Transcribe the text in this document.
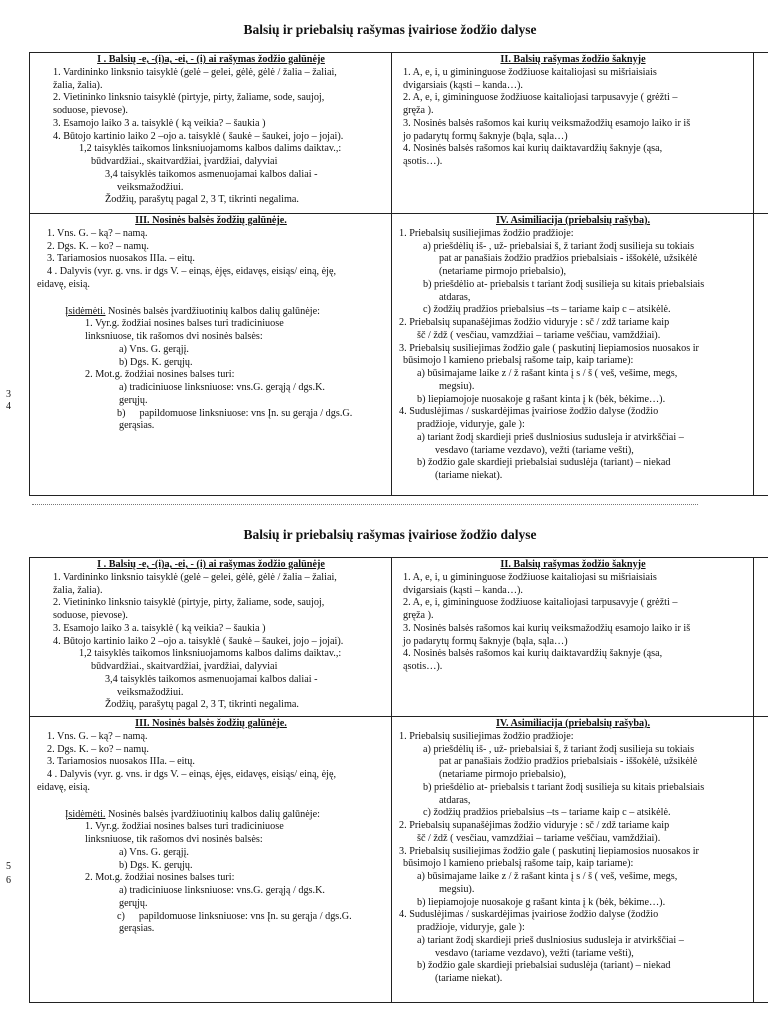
Balsių ir priebalsių rašymas įvairiose žodžio dalyse

I . Balsių -e, -(i)a, -ei, - (i) ai rašymas žodžio galūnėje

1. Vardininko linksnio taisyklė (gelė – gelei, gėlė, gėlė / žalia – žaliai,

žalia, žalia).

2. Vietininko linksnio taisyklė (pirtyje, pirty, žaliame, sode, saujoj,

soduose, pievose).

3. Esamojo laiko 3 a. taisyklė ( ką veikia? – šaukia )

4. Būtojo kartinio laiko 2 –ojo a. taisyklė ( šaukė – šaukei, jojo – jojai).

1,2 taisyklės taikomos linksniuojamoms kalbos dalims daiktav.,:

būdvardžiai., skaitvardžiai, įvardžiai, dalyviai

3,4 taisyklės taikomos asmenuojamai kalbos daliai -

veiksmažodžiui.

Žodžių, parašytų pagal 2, 3 T, tikrinti negalima.

II. Balsių rašymas žodžio šaknyje

1. A, e, i, u gimininguose žodžiuose kaitaliojasi su mišriaisiais

dvigarsiais (kąsti – kanda…).

2. A, e, i, gimininguose žodžiuose kaitaliojasi tarpusavyje ( grėžti –

gręža ).

3. Nosinės balsės rašomos kai kurių veiksmažodžių esamojo laiko ir iš

jo padarytų formų šaknyje (bąla, sąla…)

4. Nosinės balsės rašomos kai kurių daiktavardžių šaknyje (ąsa,

ąsotis…).

III. Nosinės balsės žodžių galūnėje.

1. Vns. G. – ką? – namą.

2. Dgs. K. – ko? – namų.

3. Tariamosios nuosakos IIIa. – eitų.

4 . Dalyvis (vyr. g. vns. ir dgs V. – einąs, ėjęs, eidavęs, eisiąs/ einą, ėję,

eidavę, eisią.

Įsidėmėti. Nosinės balsės įvardžiuotinių kalbos dalių galūnėje:

1. Vyr.g. žodžiai nosines balses turi tradiciniuose

linksniuose, tik rašomos dvi nosinės balsės:

a) Vns. G. gerąjį.

b) Dgs. K. gerųjų.

2. Mot.g. žodžiai nosines balses turi:

a) tradiciniuose linksniuose: vns.G. gerąją / dgs.K.

gerųjų.

b) papildomuose linksniuose: vns Įn. su gerąja / dgs.G.

gerąsias.

IV. Asimiliacija (priebalsių rašyba).

1. Priebalsių susiliejimas žodžio pradžioje:

a) priešdėlių iš- , už- priebalsiai š, ž tariant žodį susilieja su tokiais

pat ar panašiais žodžio pradžios priebalsiais - iššokėlė, užsikėlė

(netariame pirmojo priebalsio),

b) priešdėlio at- priebalsis t tariant žodį susilieja su kitais priebalsiais

atdaras,

c) žodžių pradžios priebalsius –ts – tariame kaip c – atsikėlė.

2. Priebalsių supanašėjimas žodžio viduryje : sč / zdž tariame kaip

šč / ždž ( vesčiau, vamzdžiai – tariame veščiau, vamždžiai).

3. Priebalsių susiliejimas žodžio gale ( paskutinį liepiamosios nuosakos ir

būsimojo l kamieno priebalsį rašome taip, kaip tariame):

a) būsimajame laike z / ž rašant kinta į s / š ( veš, vešime, megs,

megsiu).

b) liepiamojoje nuosakoje g rašant kinta į k (bėk, bėkime…).

4. Suduslėjimas / suskardėjimas įvairiose žodžio dalyse (žodžio

pradžioje, viduryje, gale ):

a) tariant žodį skardieji prieš duslniosius sudusleja ir atvirkščiai –

vesdavo (tariame vezdavo), vežti (tariame vešti),

b) žodžio gale skardieji priebalsiai suduslėja (tariant) – niekad

(tariame niekat).

3
4
Balsių ir priebalsių rašymas įvairiose žodžio dalyse

I . Balsių -e, -(i)a, -ei, - (i) ai rašymas žodžio galūnėje

1. Vardininko linksnio taisyklė (gelė – gelei, gėlė, gėlė / žalia – žaliai,

žalia, žalia).

2. Vietininko linksnio taisyklė (pirtyje, pirty, žaliame, sode, saujoj,

soduose, pievose).

3. Esamojo laiko 3 a. taisyklė ( ką veikia? – šaukia )

4. Būtojo kartinio laiko 2 –ojo a. taisyklė ( šaukė – šaukei, jojo – jojai).

1,2 taisyklės taikomos linksniuojamoms kalbos dalims daiktav.,:

būdvardžiai., skaitvardžiai, įvardžiai, dalyviai

3,4 taisyklės taikomos asmenuojamai kalbos daliai -

veiksmažodžiui.

Žodžių, parašytų pagal 2, 3 T, tikrinti negalima.

II. Balsių rašymas žodžio šaknyje

1. A, e, i, u gimininguose žodžiuose kaitaliojasi su mišriaisiais

dvigarsiais (kąsti – kanda…).

2. A, e, i, gimininguose žodžiuose kaitaliojasi tarpusavyje ( grėžti –

gręža ).

3. Nosinės balsės rašomos kai kurių veiksmažodžių esamojo laiko ir iš

jo padarytų formų šaknyje (bąla, sąla…)

4. Nosinės balsės rašomos kai kurių daiktavardžių šaknyje (ąsa,

ąsotis…).

III. Nosinės balsės žodžių galūnėje.

1. Vns. G. – ką? – namą.

2. Dgs. K. – ko? – namų.

3. Tariamosios nuosakos IIIa. – eitų.

4 . Dalyvis (vyr. g. vns. ir dgs V. – einąs, ėjęs, eidavęs, eisiąs/ einą, ėję,

eidavę, eisią.

Įsidėmėti. Nosinės balsės įvardžiuotinių kalbos dalių galūnėje:

1. Vyr.g. žodžiai nosines balses turi tradiciniuose

linksniuose, tik rašomos dvi nosinės balsės:

a) Vns. G. gerąjį.

b) Dgs. K. gerųjų.

2. Mot.g. žodžiai nosines balses turi:

a) tradiciniuose linksniuose: vns.G. gerąją / dgs.K.

gerųjų.

c) papildomuose linksniuose: vns Įn. su gerąja / dgs.G.

gerąsias.

IV. Asimiliacija (priebalsių rašyba).

1. Priebalsių susiliejimas žodžio pradžioje:

a) priešdėlių iš- , už- priebalsiai š, ž tariant žodį susilieja su tokiais

pat ar panašiais žodžio pradžios priebalsiais - iššokėlė, užsikėlė

(netariame pirmojo priebalsio),

b) priešdėlio at- priebalsis t tariant žodį susilieja su kitais priebalsiais

atdaras,

c) žodžių pradžios priebalsius –ts – tariame kaip c – atsikėlė.

2. Priebalsių supanašėjimas žodžio viduryje : sč / zdž tariame kaip

šč / ždž ( vesčiau, vamzdžiai – tariame veščiau, vamždžiai).

3. Priebalsių susiliejimas žodžio gale ( paskutinį liepiamosios nuosakos ir

būsimojo l kamieno priebalsį rašome taip, kaip tariame):

a) būsimajame laike z / ž rašant kinta į s / š ( veš, vešime, megs,

megsiu).

b) liepiamojoje nuosakoje g rašant kinta į k (bėk, bėkime…).

4. Suduslėjimas / suskardėjimas įvairiose žodžio dalyse (žodžio

pradžioje, viduryje, gale ):

a) tariant žodį skardieji prieš duslniosius sudusleja ir atvirkščiai –

vesdavo (tariame vezdavo), vežti (tariame vešti),

b) žodžio gale skardieji priebalsiai suduslėja (tariant) – niekad

(tariame niekat).

5
6
